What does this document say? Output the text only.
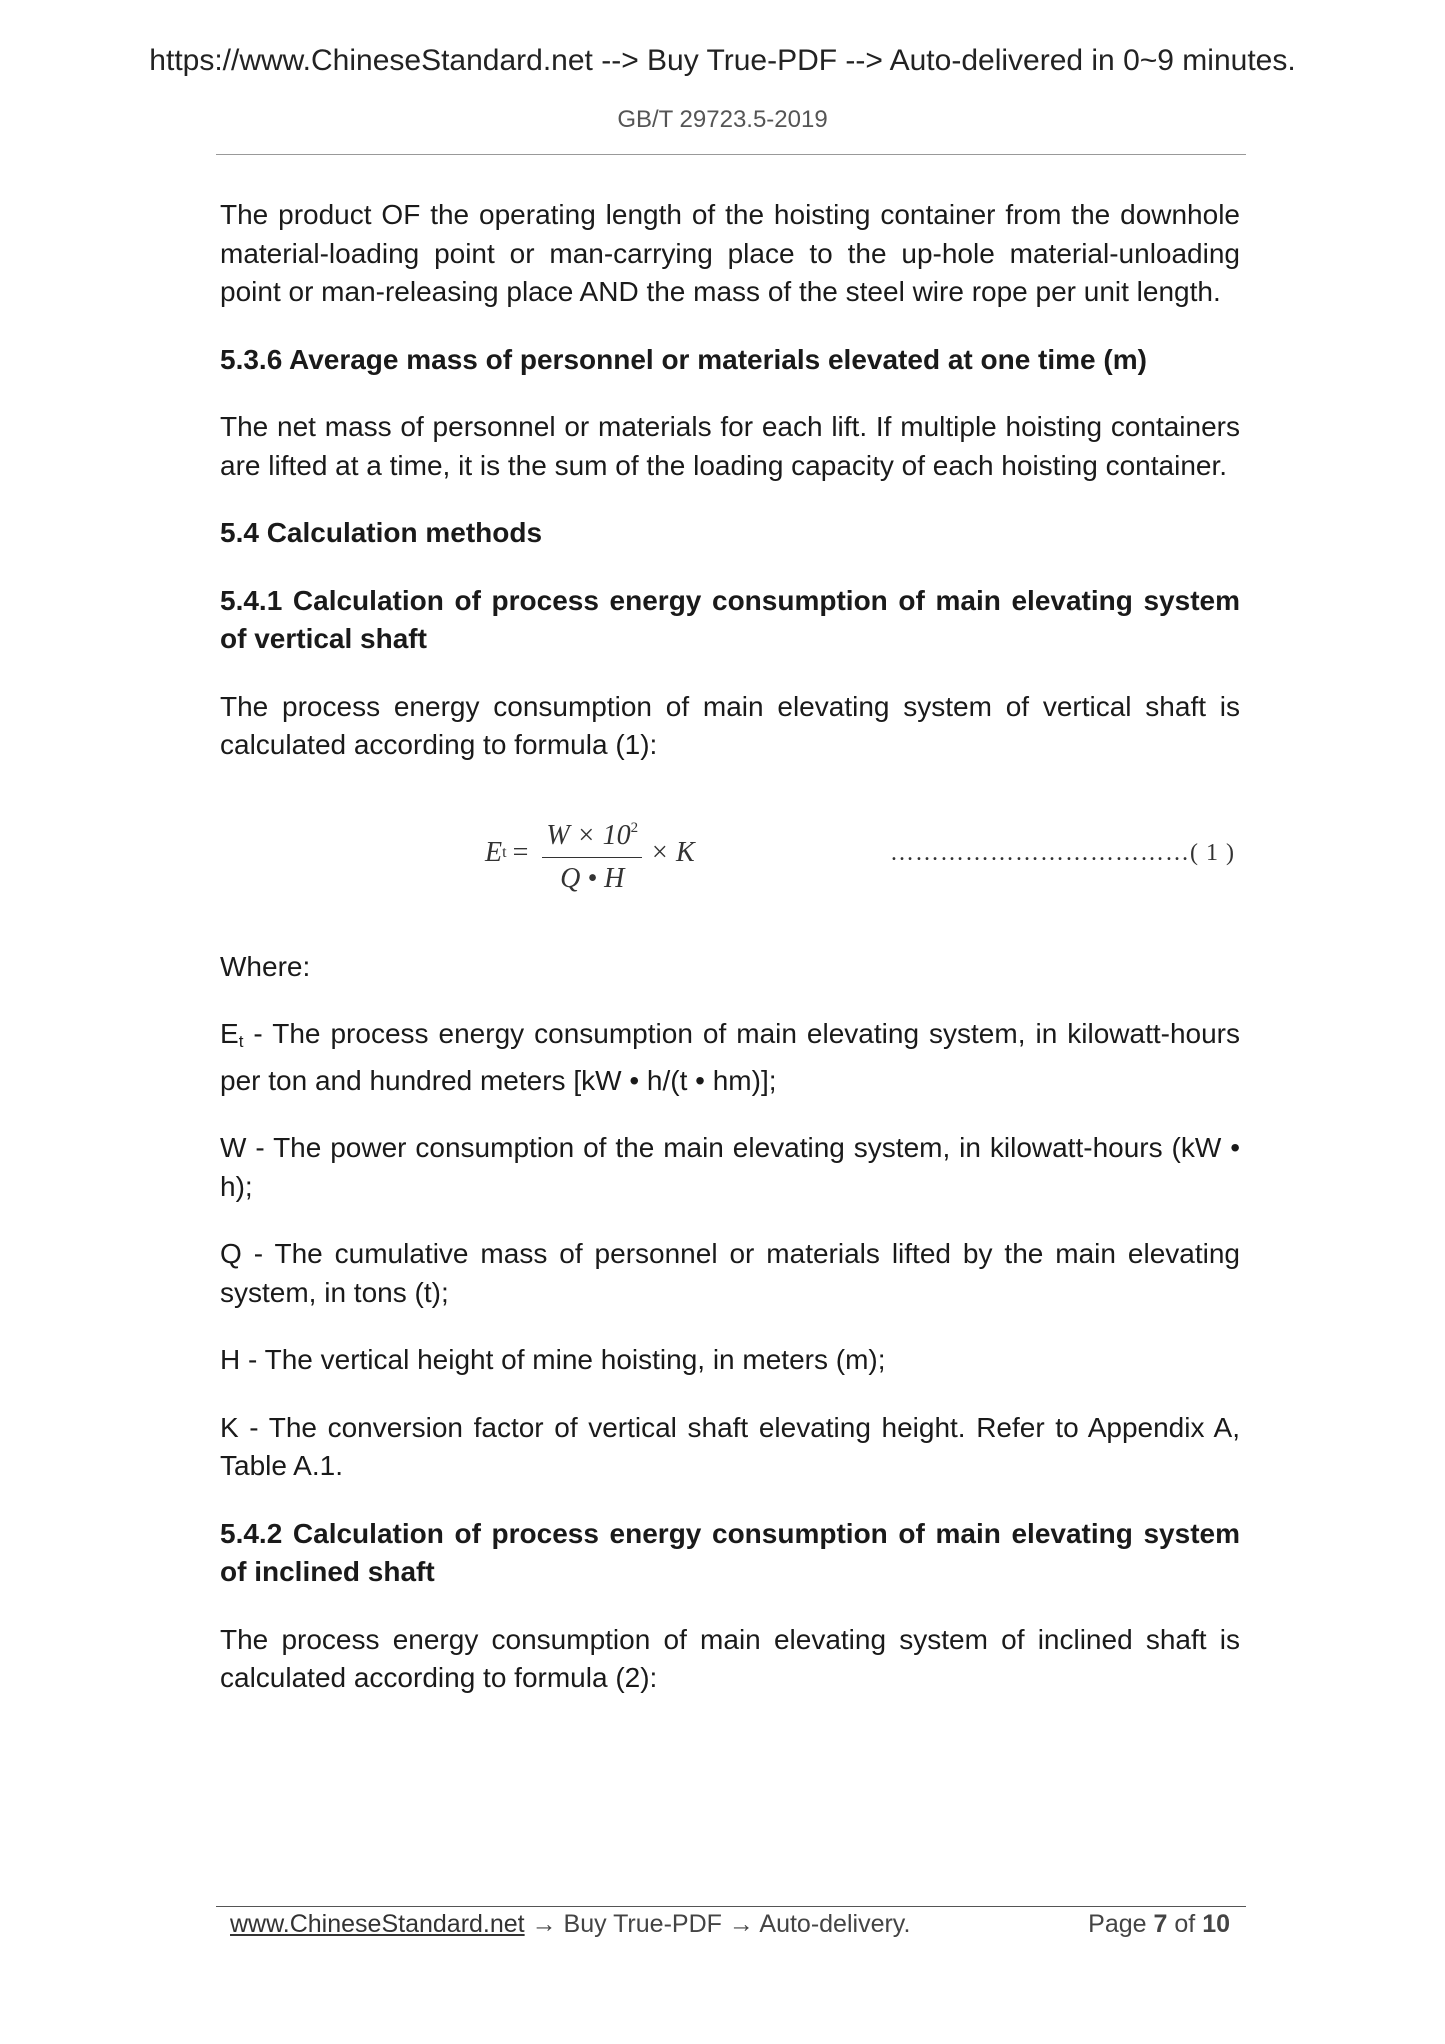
https://www.ChineseStandard.net --> Buy True-PDF --> Auto-delivered in 0~9 minutes.
GB/T 29723.5-2019

The product OF the operating length of the hoisting container from the downhole material-loading point or man-carrying place to the up-hole material-unloading point or man-releasing place AND the mass of the steel wire rope per unit length.

5.3.6 Average mass of personnel or materials elevated at one time (m)

The net mass of personnel or materials for each lift. If multiple hoisting containers are lifted at a time, it is the sum of the loading capacity of each hoisting container.

5.4 Calculation methods

5.4.1 Calculation of process energy consumption of main elevating system of vertical shaft

The process energy consumption of main elevating system of vertical shaft is calculated according to formula (1):

E $t = \frac{W \times 10^2}{Q • H} \times K$	………………………………( 1 )

Where:

Et - The process energy consumption of main elevating system, in kilowatt-hours per ton and hundred meters [kW • h/(t • hm)];

W - The power consumption of the main elevating system, in kilowatt-hours (kW • h);

Q - The cumulative mass of personnel or materials lifted by the main elevating system, in tons (t);

H - The vertical height of mine hoisting, in meters (m);

K - The conversion factor of vertical shaft elevating height. Refer to Appendix A, Table A.1.

5.4.2 Calculation of process energy consumption of main elevating system of inclined shaft

The process energy consumption of main elevating system of inclined shaft is calculated according to formula (2):

www.ChineseStandard.net → Buy True-PDF → Auto-delivery.	Page 7 of 10
